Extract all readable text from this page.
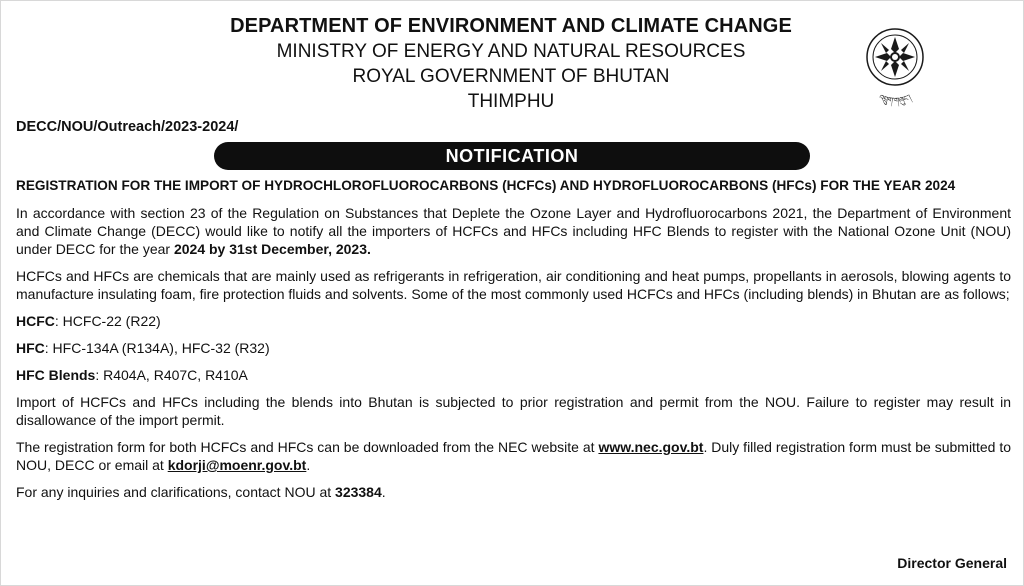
DEPARTMENT OF ENVIRONMENT AND CLIMATE CHANGE
MINISTRY OF ENERGY AND NATURAL RESOURCES
ROYAL GOVERNMENT OF BHUTAN
THIMPHU	འབྲུག་གཞུང་།
DECC/NOU/Outreach/2023-2024/
NOTIFICATION
REGISTRATION FOR THE IMPORT OF HYDROCHLOROFLUOROCARBONS (HCFCs) AND HYDROFLUOROCARBONS (HFCs) FOR THE YEAR 2024

In accordance with section 23 of the Regulation on Substances that Deplete the Ozone Layer and Hydrofluorocarbons 2021, the Department of Environment and Climate Change (DECC) would like to notify all the importers of HCFCs and HFCs including HFC Blends to register with the National Ozone Unit (NOU) under DECC for the year 2024 by 31st December, 2023.

HCFCs and HFCs are chemicals that are mainly used as refrigerants in refrigeration, air conditioning and heat pumps, propellants in aerosols, blowing agents to manufacture insulating foam, fire protection fluids and solvents. Some of the most commonly used HCFCs and HFCs (including blends) in Bhutan are as follows;

HCFC: HCFC-22 (R22)

HFC: HFC-134A (R134A), HFC-32 (R32)

HFC Blends: R404A, R407C, R410A

Import of HCFCs and HFCs including the blends into Bhutan is subjected to prior registration and permit from the NOU. Failure to register may result in disallowance of the import permit.

The registration form for both HCFCs and HFCs can be downloaded from the NEC website at www.nec.gov.bt. Duly filled registration form must be submitted to NOU, DECC or email at kdorji@moenr.gov.bt.

For any inquiries and clarifications, contact NOU at 323384.

Director General
